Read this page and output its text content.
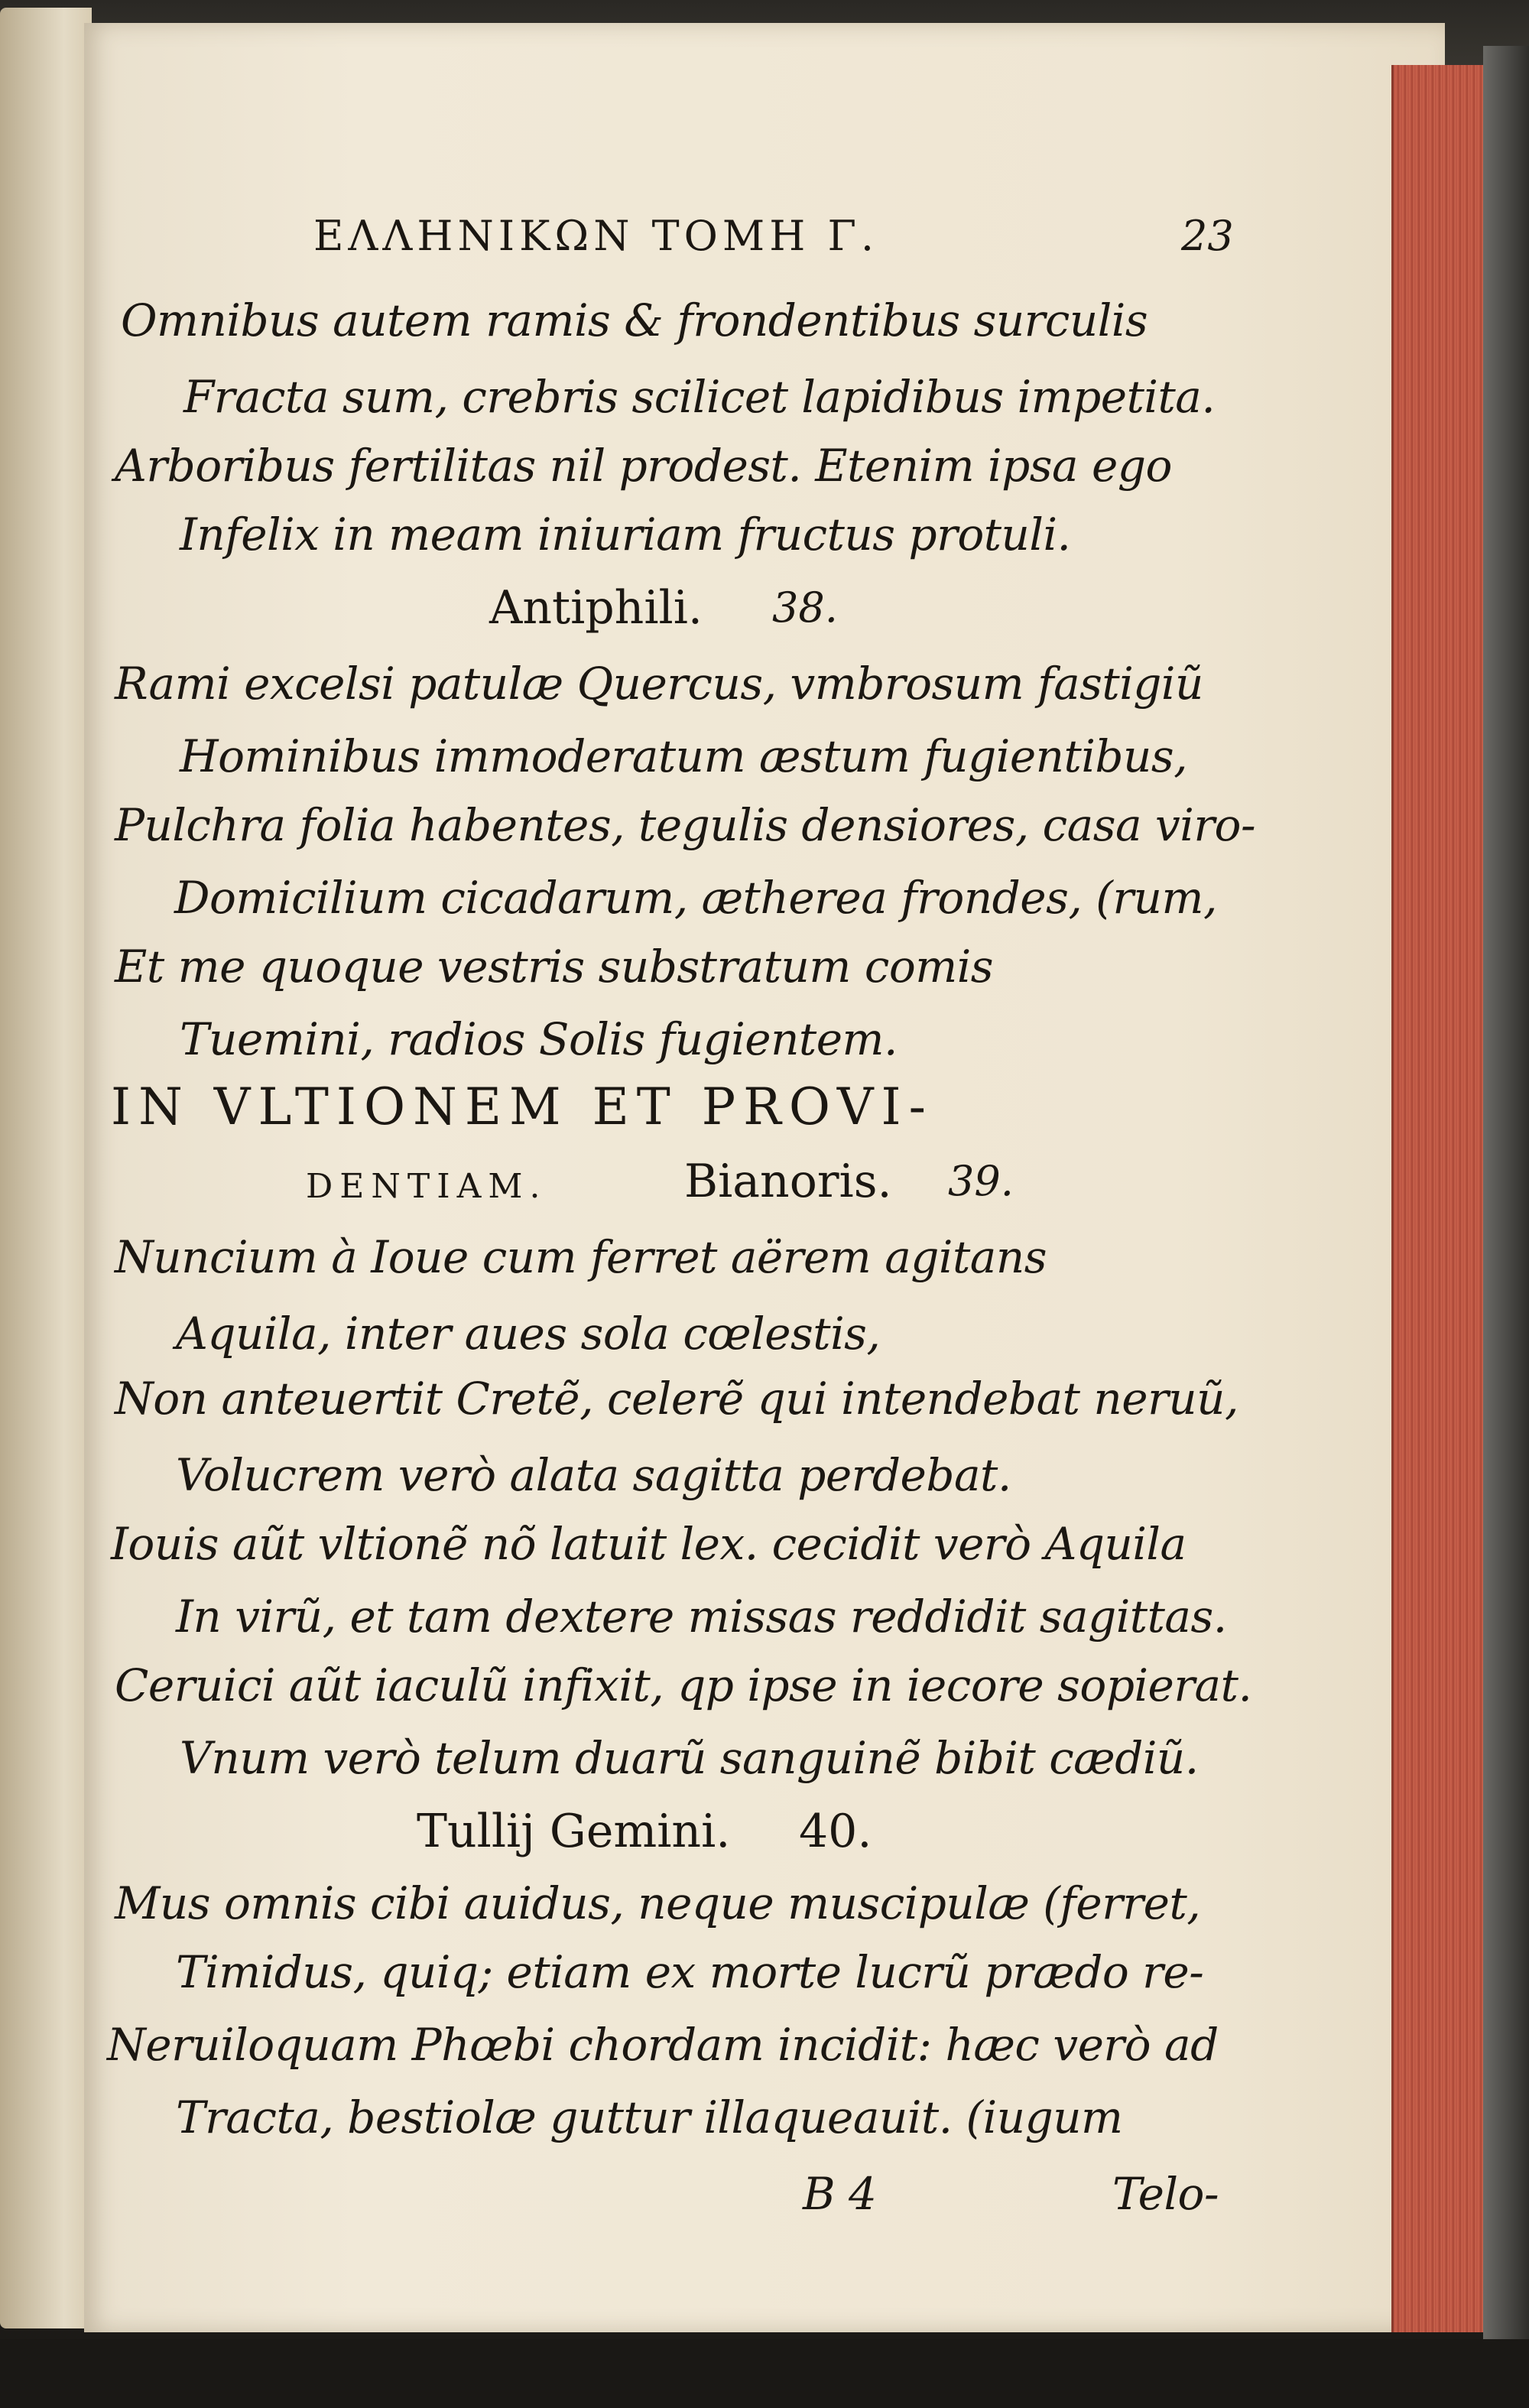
ΕΛΛΗΝΙΚΩΝ ΤΟΜΗ Γ.	23
Omnibus autem ramis & frondentibus surculis
Fracta sum, crebris scilicet lapidibus impetita.
Arboribus fertilitas nil prodest. Etenim ipsa ego
Infelix in meam iniuriam fructus protuli.
Antiphili. 38.
Rami excelsi patulæ Quercus, vmbrosum fastigiũ
Hominibus immoderatum æstum fugientibus,
Pulchra folia habentes, tegulis densiores, casa viro-
Domicilium cicadarum, ætherea frondes, (rum,
Et me quoque vestris substratum comis
Tuemini, radios Solis fugientem.
IN VLTIONEM ET PROVI-
DENTIAM.	Bianoris. 39.
Nuncium à Ioue cum ferret aërem agitans
Aquila, inter aues sola cœlestis,
Non anteuertit Cretẽ, celerẽ qui intendebat neruũ,
Volucrem verò alata sagitta perdebat.
Iouis aũt vltionẽ nõ latuit lex. cecidit verò Aquila
In virũ, et tam dextere missas reddidit sagittas.
Ceruici aũt iaculũ infixit, qp ipse in iecore sopierat.
Vnum verò telum duarũ sanguinẽ bibit cædiũ.
Tullij Gemini. 40.
Mus omnis cibi auidus, neque muscipulæ (ferret,
Timidus, quiq; etiam ex morte lucrũ prædo re-
Neruiloquam Phœbi chordam incidit: hæc verò ad
Tracta, bestiolæ guttur illaqueauit. (iugum
B 4	Telo-
